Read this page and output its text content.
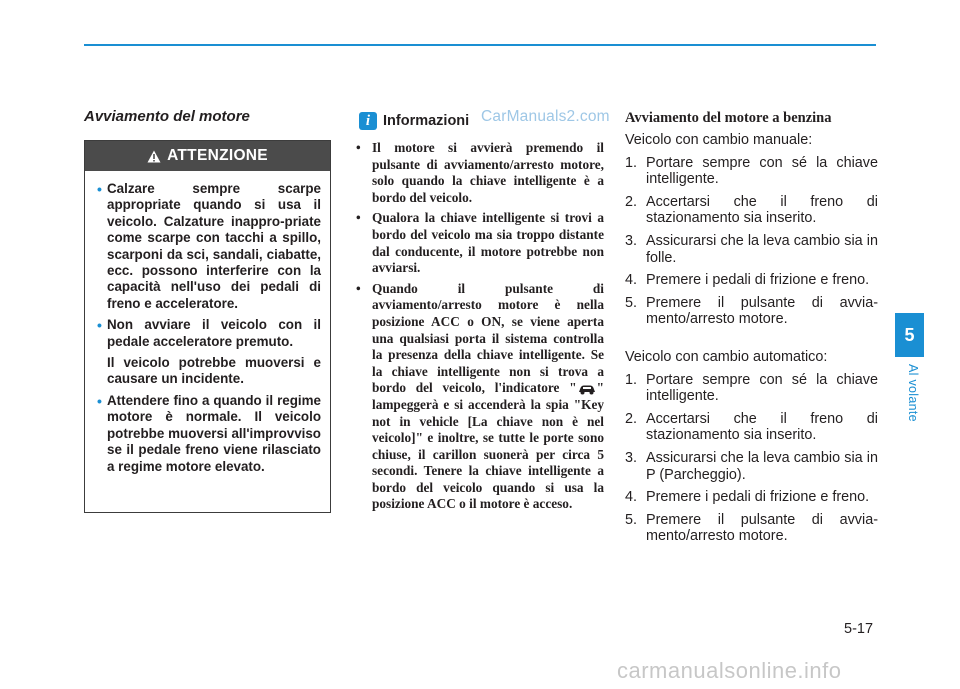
Avviamento del motore
ATTENZIONE
• Calzare sempre scarpe appropriate quando si usa il veicolo. Calzature inappro-priate come scarpe con tacchi a spillo, scarponi da sci, sandali, ciabatte, ecc. possono interferire con la capacità nell'uso dei pedali di freno e acceleratore.
• Non avviare il veicolo con il pedale acceleratore premuto.
Il veicolo potrebbe muoversi e causare un incidente.
• Attendere fino a quando il regime motore è normale. Il veicolo potrebbe muoversi all'improvviso se il pedale freno viene rilasciato a regime motore elevato.
i Informazioni CarManuals2.com
• Il motore si avvierà premendo il pulsante di avviamento/arresto motore, solo quando la chiave intelligente è a bordo del veicolo.
• Qualora la chiave intelligente si trovi a bordo del veicolo ma sia troppo distante dal conducente, il motore potrebbe non avviarsi.
• Quando il pulsante di avviamento/arresto motore è nella posizione ACC o ON, se viene aperta una qualsiasi porta il sistema controlla la presenza della chiave intelligente. Se la chiave intelligente non si trova a bordo del veicolo, l'indicatore " " lampeggerà e si accenderà la spia "Key not in vehicle [La chiave non è nel veicolo]" e inoltre, se tutte le porte sono chiuse, il carillon suonerà per circa 5 secondi. Tenere la chiave intelligente a bordo del veicolo quando si usa la posizione ACC o il motore è acceso.
Avviamento del motore a benzina

Veicolo con cambio manuale:

1. Portare sempre con sé la chiave intelligente.
2. Accertarsi che il freno di stazionamento sia inserito.
3. Assicurarsi che la leva cambio sia in folle.
4. Premere i pedali di frizione e freno.
5. Premere il pulsante di avvia-mento/arresto motore.

Veicolo con cambio automatico:

1. Portare sempre con sé la chiave intelligente.
2. Accertarsi che il freno di stazionamento sia inserito.
3. Assicurarsi che la leva cambio sia in P (Parcheggio).
4. Premere i pedali di frizione e freno.
5. Premere il pulsante di avvia-mento/arresto motore.
5
Al volante
5-17
carmanualsonline.info
